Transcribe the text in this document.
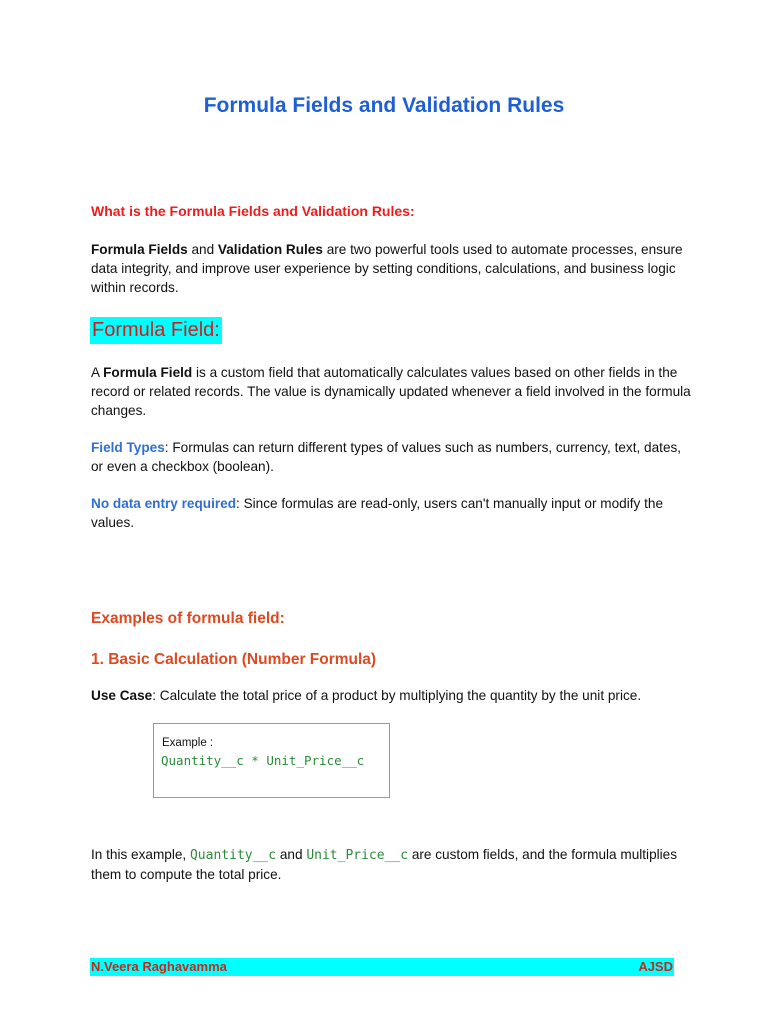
Formula Fields and Validation Rules
What is the Formula Fields and Validation Rules:
Formula Fields and Validation Rules are two powerful tools used to automate processes, ensure data integrity, and improve user experience by setting conditions, calculations, and business logic within records.
Formula Field:
A Formula Field is a custom field that automatically calculates values based on other fields in the record or related records. The value is dynamically updated whenever a field involved in the formula changes.
Field Types: Formulas can return different types of values such as numbers, currency, text, dates, or even a checkbox (boolean).
No data entry required: Since formulas are read-only, users can't manually input or modify the values.
Examples of formula field:
1. Basic Calculation (Number Formula)
Use Case: Calculate the total price of a product by multiplying the quantity by the unit price.
Example :
Quantity__c * Unit_Price__c
In this example, Quantity__c and Unit_Price__c are custom fields, and the formula multiplies them to compute the total price.
N.Veera Raghavamma	AJSD
